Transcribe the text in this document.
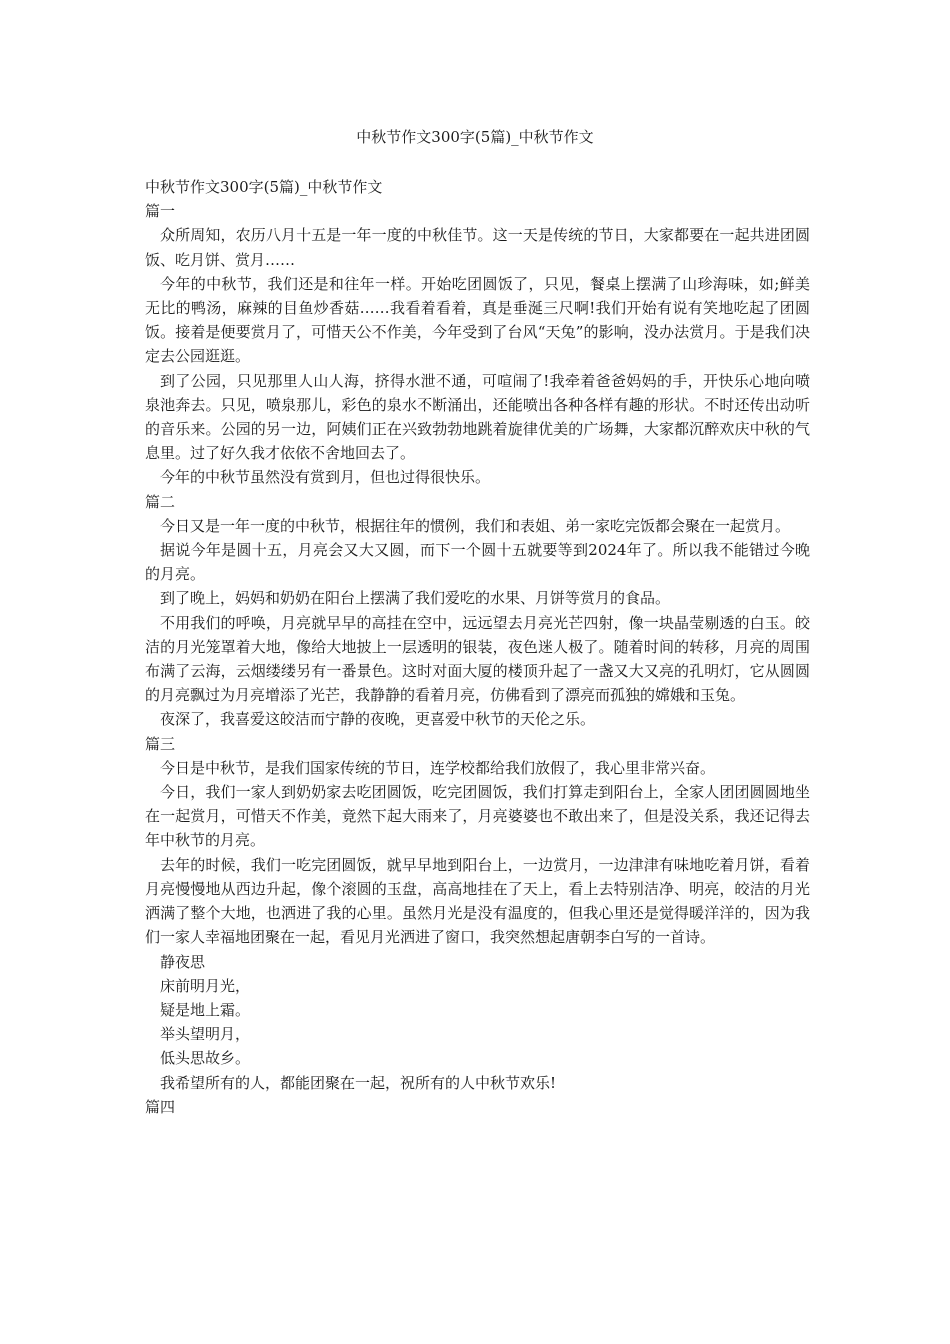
中秋节作文300字(5篇)_中秋节作文

中秋节作文300字(5篇)_中秋节作文

篇一

众所周知，农历八月十五是一年一度的中秋佳节。这一天是传统的节日，大家都要在一起共进团圆饭、吃月饼、赏月……

今年的中秋节，我们还是和往年一样。开始吃团圆饭了，只见，餐桌上摆满了山珍海味，如;鲜美无比的鸭汤，麻辣的目鱼炒香菇……我看着看着，真是垂涎三尺啊!我们开始有说有笑地吃起了团圆饭。接着是便要赏月了，可惜天公不作美，今年受到了台风“天兔”的影响，没办法赏月。于是我们决定去公园逛逛。

到了公园，只见那里人山人海，挤得水泄不通，可喧闹了!我牵着爸爸妈妈的手，开快乐心地向喷泉池奔去。只见，喷泉那儿，彩色的泉水不断涌出，还能喷出各种各样有趣的形状。不时还传出动听的音乐来。公园的另一边，阿姨们正在兴致勃勃地跳着旋律优美的广场舞，大家都沉醉欢庆中秋的气息里。过了好久我才依依不舍地回去了。

今年的中秋节虽然没有赏到月，但也过得很快乐。

篇二

今日又是一年一度的中秋节，根据往年的惯例，我们和表姐、弟一家吃完饭都会聚在一起赏月。

据说今年是圆十五，月亮会又大又圆，而下一个圆十五就要等到2024年了。所以我不能错过今晚的月亮。

到了晚上，妈妈和奶奶在阳台上摆满了我们爱吃的水果、月饼等赏月的食品。

不用我们的呼唤，月亮就早早的高挂在空中，远远望去月亮光芒四射，像一块晶莹剔透的白玉。皎洁的月光笼罩着大地，像给大地披上一层透明的银装，夜色迷人极了。随着时间的转移，月亮的周围布满了云海，云烟缕缕另有一番景色。这时对面大厦的楼顶升起了一盏又大又亮的孔明灯，它从圆圆的月亮飘过为月亮增添了光芒，我静静的看着月亮，仿佛看到了漂亮而孤独的嫦娥和玉兔。

夜深了，我喜爱这皎洁而宁静的夜晚，更喜爱中秋节的天伦之乐。

篇三

今日是中秋节，是我们国家传统的节日，连学校都给我们放假了，我心里非常兴奋。

今日，我们一家人到奶奶家去吃团圆饭，吃完团圆饭，我们打算走到阳台上，全家人团团圆圆地坐在一起赏月，可惜天不作美，竟然下起大雨来了，月亮婆婆也不敢出来了，但是没关系，我还记得去年中秋节的月亮。

去年的时候，我们一吃完团圆饭，就早早地到阳台上，一边赏月，一边津津有味地吃着月饼，看着月亮慢慢地从西边升起，像个滚圆的玉盘，高高地挂在了天上，看上去特别洁净、明亮，皎洁的月光洒满了整个大地，也洒进了我的心里。虽然月光是没有温度的，但我心里还是觉得暖洋洋的，因为我们一家人幸福地团聚在一起，看见月光洒进了窗口，我突然想起唐朝李白写的一首诗。

静夜思

床前明月光，

疑是地上霜。

举头望明月，

低头思故乡。

我希望所有的人，都能团聚在一起，祝所有的人中秋节欢乐!

篇四
